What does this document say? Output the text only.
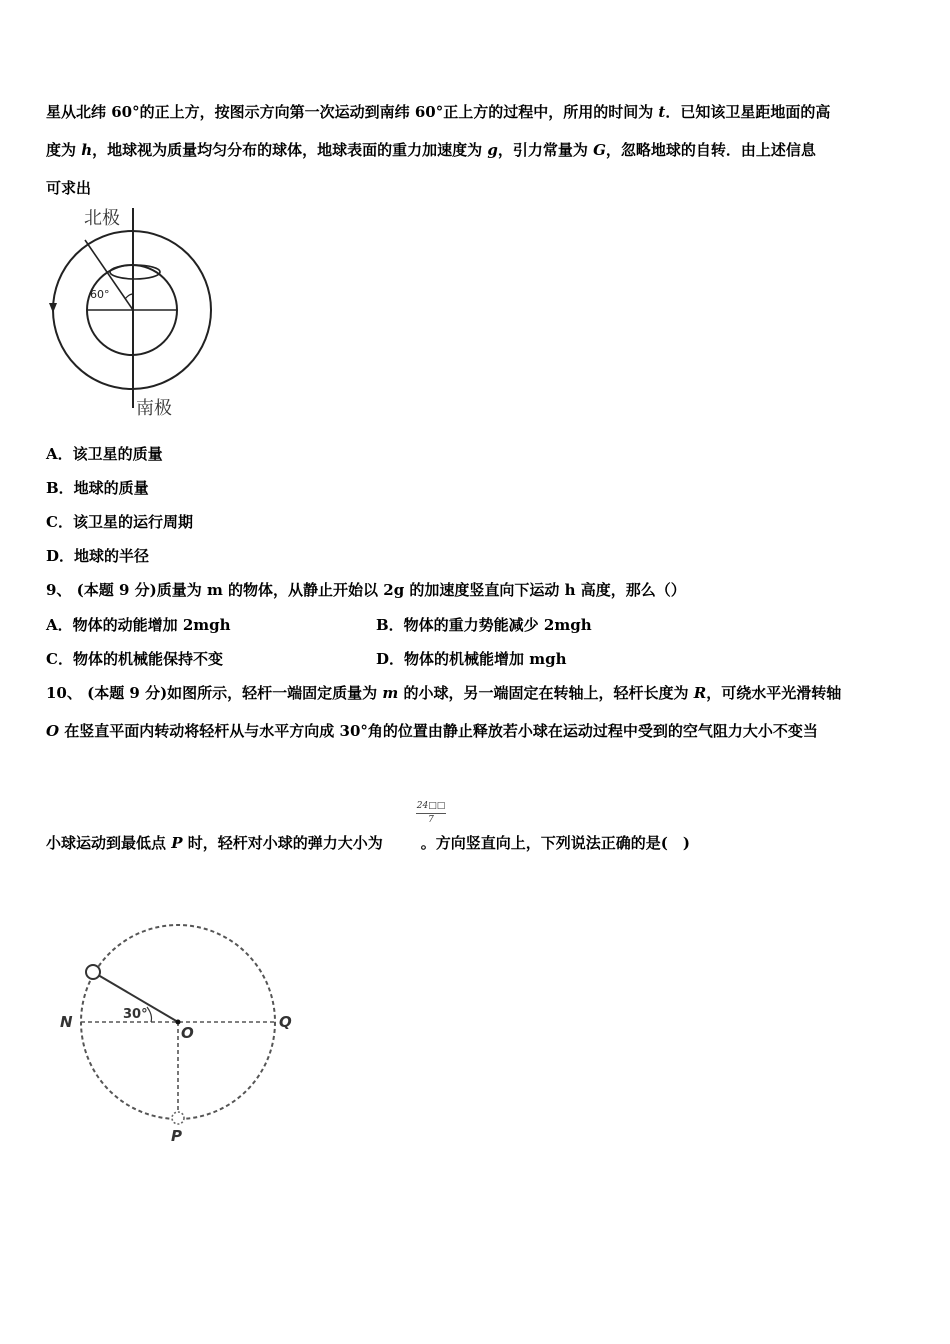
星从北纬 60°的正上方，按图示方向第一次运动到南纬 60°正上方的过程中，所用的时间为 t．已知该卫星距地面的高
度为 h，地球视为质量均匀分布的球体，地球表面的重力加速度为 g，引力常量为 G，忽略地球的自转．由上述信息
可求出
北极
南极
60°
A．该卫星的质量
B．地球的质量
C．该卫星的运行周期
D．地球的半径
9、 (本题 9 分)质量为 m 的物体，从静止开始以 2g 的加速度竖直向下运动 h 高度，那么（）
A．物体的动能增加 2mgh	B．物体的重力势能减少 2mgh
C．物体的机械能保持不变	D．物体的机械能增加 mgh
10、 (本题 9 分)如图所示，轻杆一端固定质量为 m 的小球，另一端固定在转轴上，轻杆长度为 R，可绕水平光滑转轴
O 在竖直平面内转动将轻杆从与水平方向成 30°角的位置由静止释放若小球在运动过程中受到的空气阻力大小不变当
24□□
7
小球运动到最低点 P 时，轻杆对小球的弹力大小为	。方向竖直向上，下列说法正确的是(　)
N	Q
O
P
30°
